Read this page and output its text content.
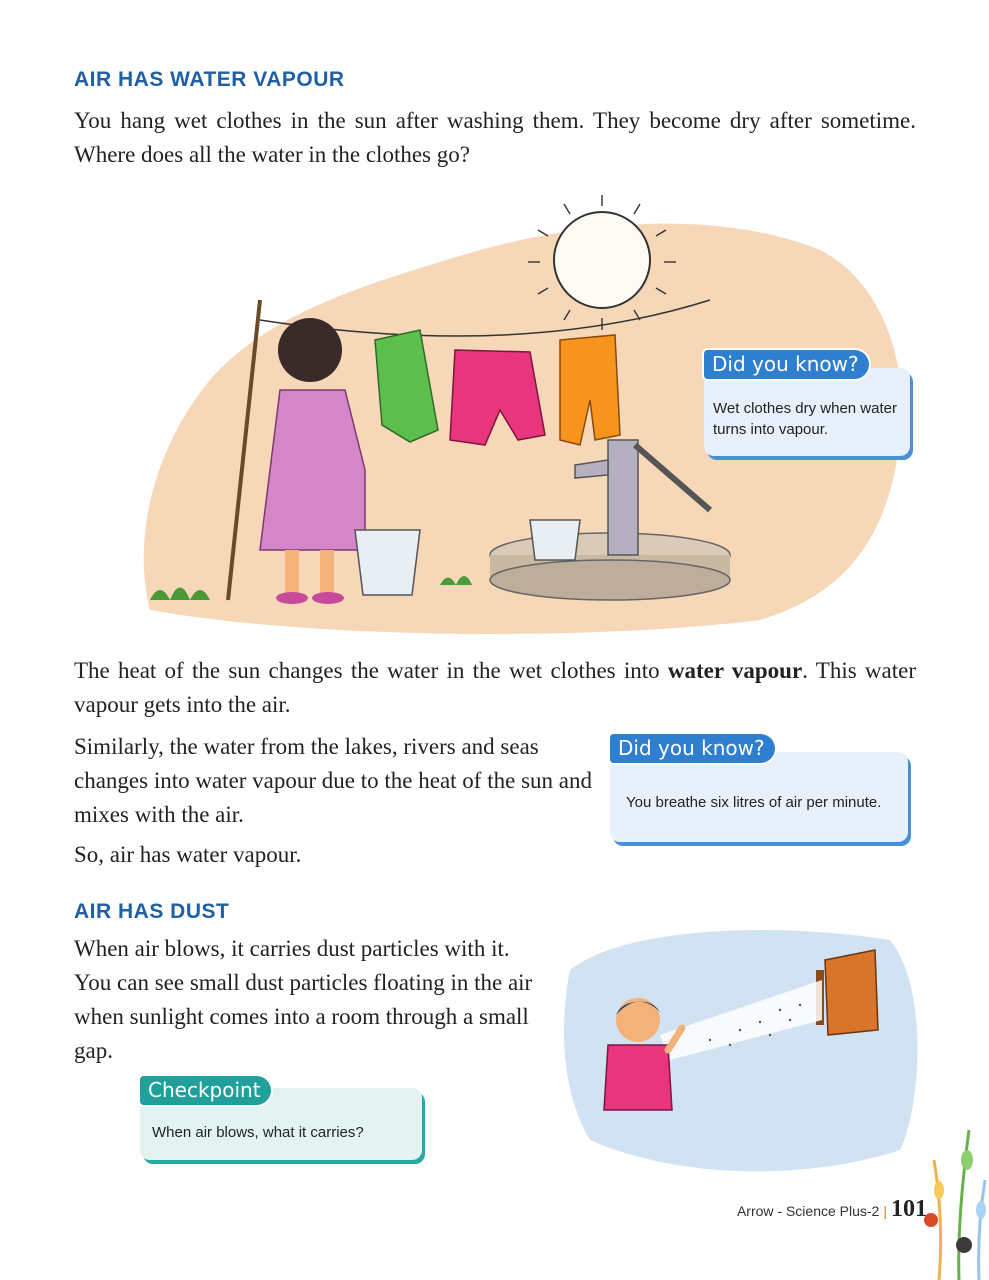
AIR HAS WATER VAPOUR
You hang wet clothes in the sun after washing them. They become dry after sometime. Where does all the water in the clothes go?
Did you know?
Wet clothes dry when water turns into vapour.
The heat of the sun changes the water in the wet clothes into water vapour. This water vapour gets into the air.
Similarly, the water from the lakes, rivers and seas changes into water vapour due to the heat of the sun and mixes with the air.
So, air has water vapour.
Did you know?
You breathe six litres of air per minute.
AIR HAS DUST
When air blows, it carries dust particles with it. You can see small dust particles floating in the air when sunlight comes into a room through a small gap.
Checkpoint
When air blows, what it carries?
Arrow - Science Plus-2 | 101
